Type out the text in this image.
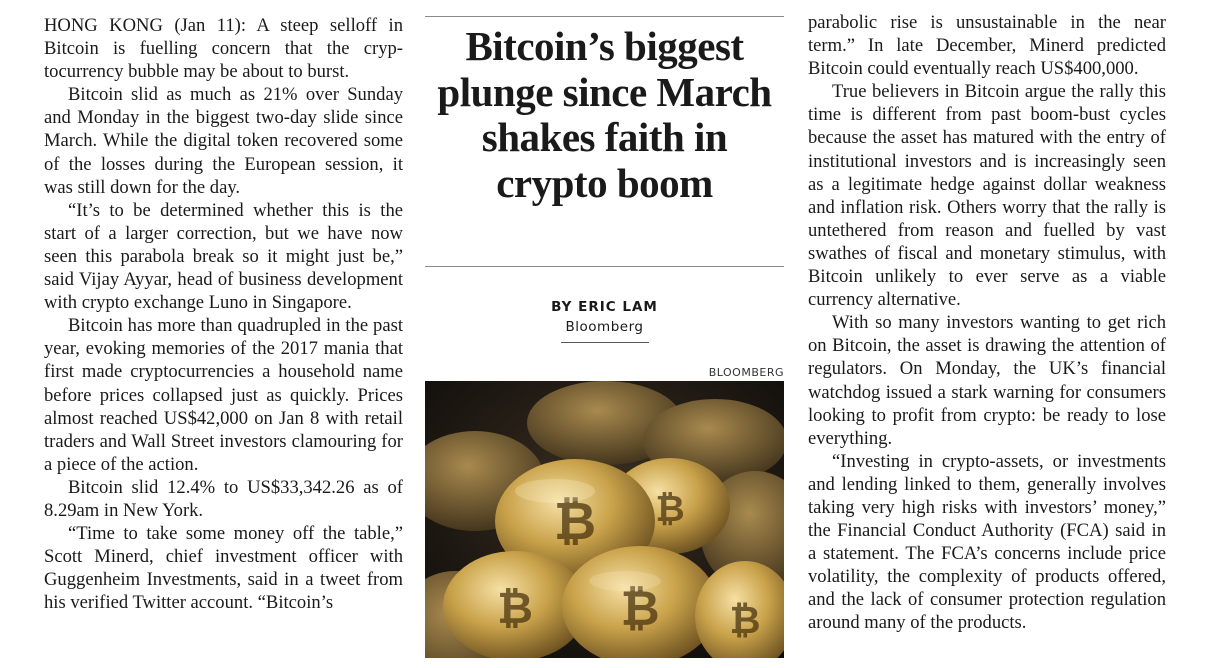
HONG KONG (Jan 11): A steep selloff in Bitcoin is fuelling concern that the cryptocurrency bubble may be about to burst.

Bitcoin slid as much as 21% over Sunday and Monday in the biggest two-day slide since March. While the digital token recovered some of the losses during the European session, it was still down for the day.

“It’s to be determined whether this is the start of a larger correction, but we have now seen this parabola break so it might just be,” said Vijay Ayyar, head of business development with crypto exchange Luno in Singapore.

Bitcoin has more than quadrupled in the past year, evoking memories of the 2017 mania that first made cryptocurrencies a household name before prices collapsed just as quickly. Prices almost reached US$42,000 on Jan 8 with retail traders and Wall Street investors clamouring for a piece of the action.

Bitcoin slid 12.4% to US$33,342.26 as of 8.29am in New York.

“Time to take some money off the table,” Scott Minerd, chief investment officer with Guggenheim Investments, said in a tweet from his verified Twitter account. “Bitcoin’s

Bitcoin’s biggest plunge since March shakes faith in crypto boom
BY ERIC LAM
Bloomberg
BLOOMBERG
₿
₿ ₿
₿
₿

parabolic rise is unsustainable in the near term.” In late December, Minerd predicted Bitcoin could eventually reach US$400,000.

True believers in Bitcoin argue the rally this time is different from past boom-bust cycles because the asset has matured with the entry of institutional investors and is increasingly seen as a legitimate hedge against dollar weakness and inflation risk. Others worry that the rally is untethered from reason and fuelled by vast swathes of fiscal and monetary stimulus, with Bitcoin unlikely to ever serve as a viable currency alternative.

With so many investors wanting to get rich on Bitcoin, the asset is drawing the attention of regulators. On Monday, the UK’s financial watchdog issued a stark warning for consumers looking to profit from crypto: be ready to lose everything.

“Investing in crypto-assets, or investments and lending linked to them, generally involves taking very high risks with investors’ money,” the Financial Conduct Authority (FCA) said in a statement. The FCA’s concerns include price volatility, the complexity of products offered, and the lack of consumer protection regulation around many of the products.
